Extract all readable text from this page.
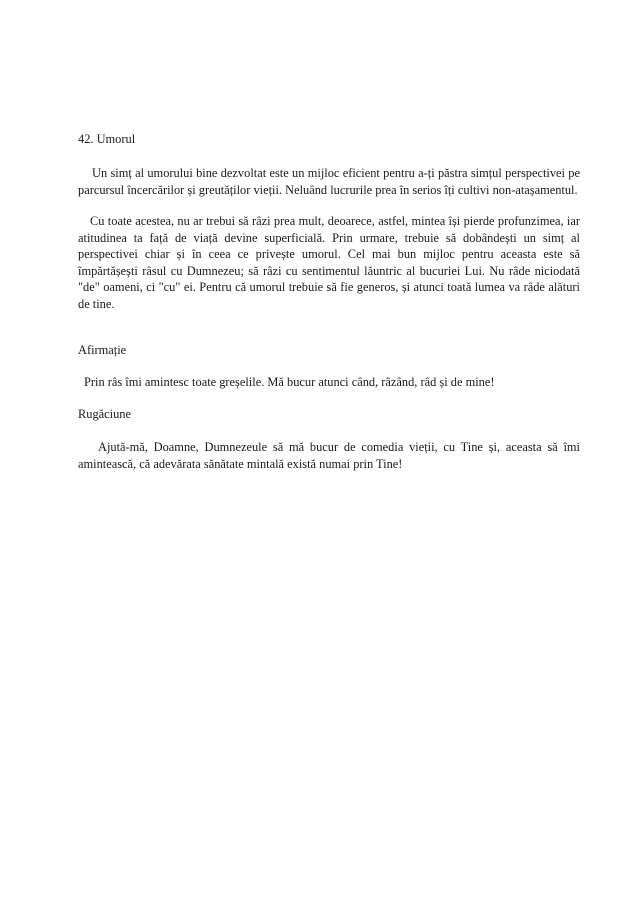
42. Umorul

Un simț al umorului bine dezvoltat este un mijloc eficient pentru a-ți păstra simțul perspectivei pe parcursul încercărilor și greutăților vieții. Neluând lucrurile prea în serios îți cultivi non-atașamentul.

Cu toate acestea, nu ar trebui să râzi prea mult, deoarece, astfel, mintea își pierde profunzimea, iar atitudinea ta față de viață devine superficială. Prin urmare, trebuie să dobândești un simț al perspectivei chiar și în ceea ce privește umorul. Cel mai bun mijloc pentru aceasta este să împărtășești râsul cu Dumnezeu; să râzi cu sentimentul lăuntric al bucuriei Lui. Nu râde niciodată "de" oameni, ci "cu" ei. Pentru că umorul trebuie să fie generos, și atunci toată lumea va râde alături de tine.

Afirmație

Prin râs îmi amintesc toate greșelile. Mă bucur atunci când, râzând, râd și de mine!

Rugăciune

Ajută-mă, Doamne, Dumnezeule să mă bucur de comedia vieții, cu Tine și, aceasta să îmi amintească, că adevărata sănătate mintală există numai prin Tine!
